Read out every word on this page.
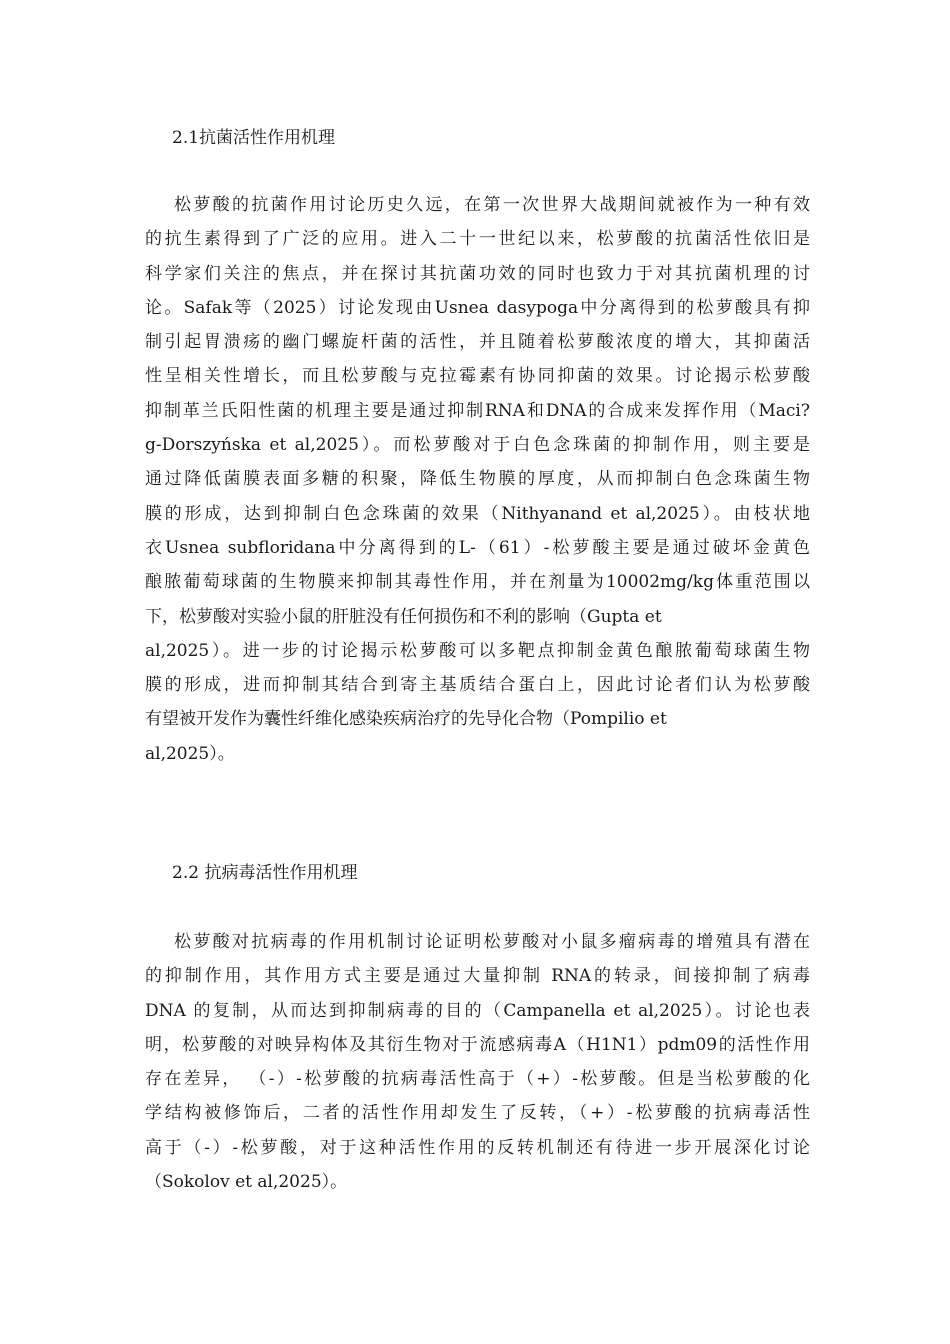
2.1抗菌活性作用机理
松萝酸的抗菌作用讨论历史久远，在第一次世界大战期间就被作为一种有效
的抗生素得到了广泛的应用。进入二十一世纪以来，松萝酸的抗菌活性依旧是
科学家们关注的焦点，并在探讨其抗菌功效的同时也致力于对其抗菌机理的讨
论。Safak等（2025）讨论发现由Usnea dasypoga中分离得到的松萝酸具有抑
制引起胃溃疡的幽门螺旋杆菌的活性，并且随着松萝酸浓度的增大，其抑菌活
性呈相关性增长，而且松萝酸与克拉霉素有协同抑菌的效果。讨论揭示松萝酸
抑制革兰氏阳性菌的机理主要是通过抑制RNA和DNA的合成来发挥作用（Maci?
g-Dorszyńska et al,2025）。而松萝酸对于白色念珠菌的抑制作用，则主要是
通过降低菌膜表面多糖的积聚，降低生物膜的厚度，从而抑制白色念珠菌生物
膜的形成，达到抑制白色念珠菌的效果（Nithyanand et al,2025）。由枝状地
衣Usnea subfloridana中分离得到的L-（61）-松萝酸主要是通过破坏金黄色
酿脓葡萄球菌的生物膜来抑制其毒性作用，并在剂量为10002mg/kg体重范围以
下，松萝酸对实验小鼠的肝脏没有任何损伤和不利的影响（Gupta et
al,2025）。进一步的讨论揭示松萝酸可以多靶点抑制金黄色酿脓葡萄球菌生物
膜的形成，进而抑制其结合到寄主基质结合蛋白上，因此讨论者们认为松萝酸
有望被开发作为囊性纤维化感染疾病治疗的先导化合物（Pompilio et
al,2025）。
2.2 抗病毒活性作用机理
松萝酸对抗病毒的作用机制讨论证明松萝酸对小鼠多瘤病毒的增殖具有潜在
的抑制作用，其作用方式主要是通过大量抑制 RNA的转录，间接抑制了病毒
DNA 的复制，从而达到抑制病毒的目的（Campanella et al,2025）。讨论也表
明，松萝酸的对映异构体及其衍生物对于流感病毒A（H1N1）pdm09的活性作用
存在差异， （-）-松萝酸的抗病毒活性高于（+）-松萝酸。但是当松萝酸的化
学结构被修饰后，二者的活性作用却发生了反转，（+）-松萝酸的抗病毒活性
高于（-）-松萝酸，对于这种活性作用的反转机制还有待进一步开展深化讨论
（Sokolov et al,2025）。
